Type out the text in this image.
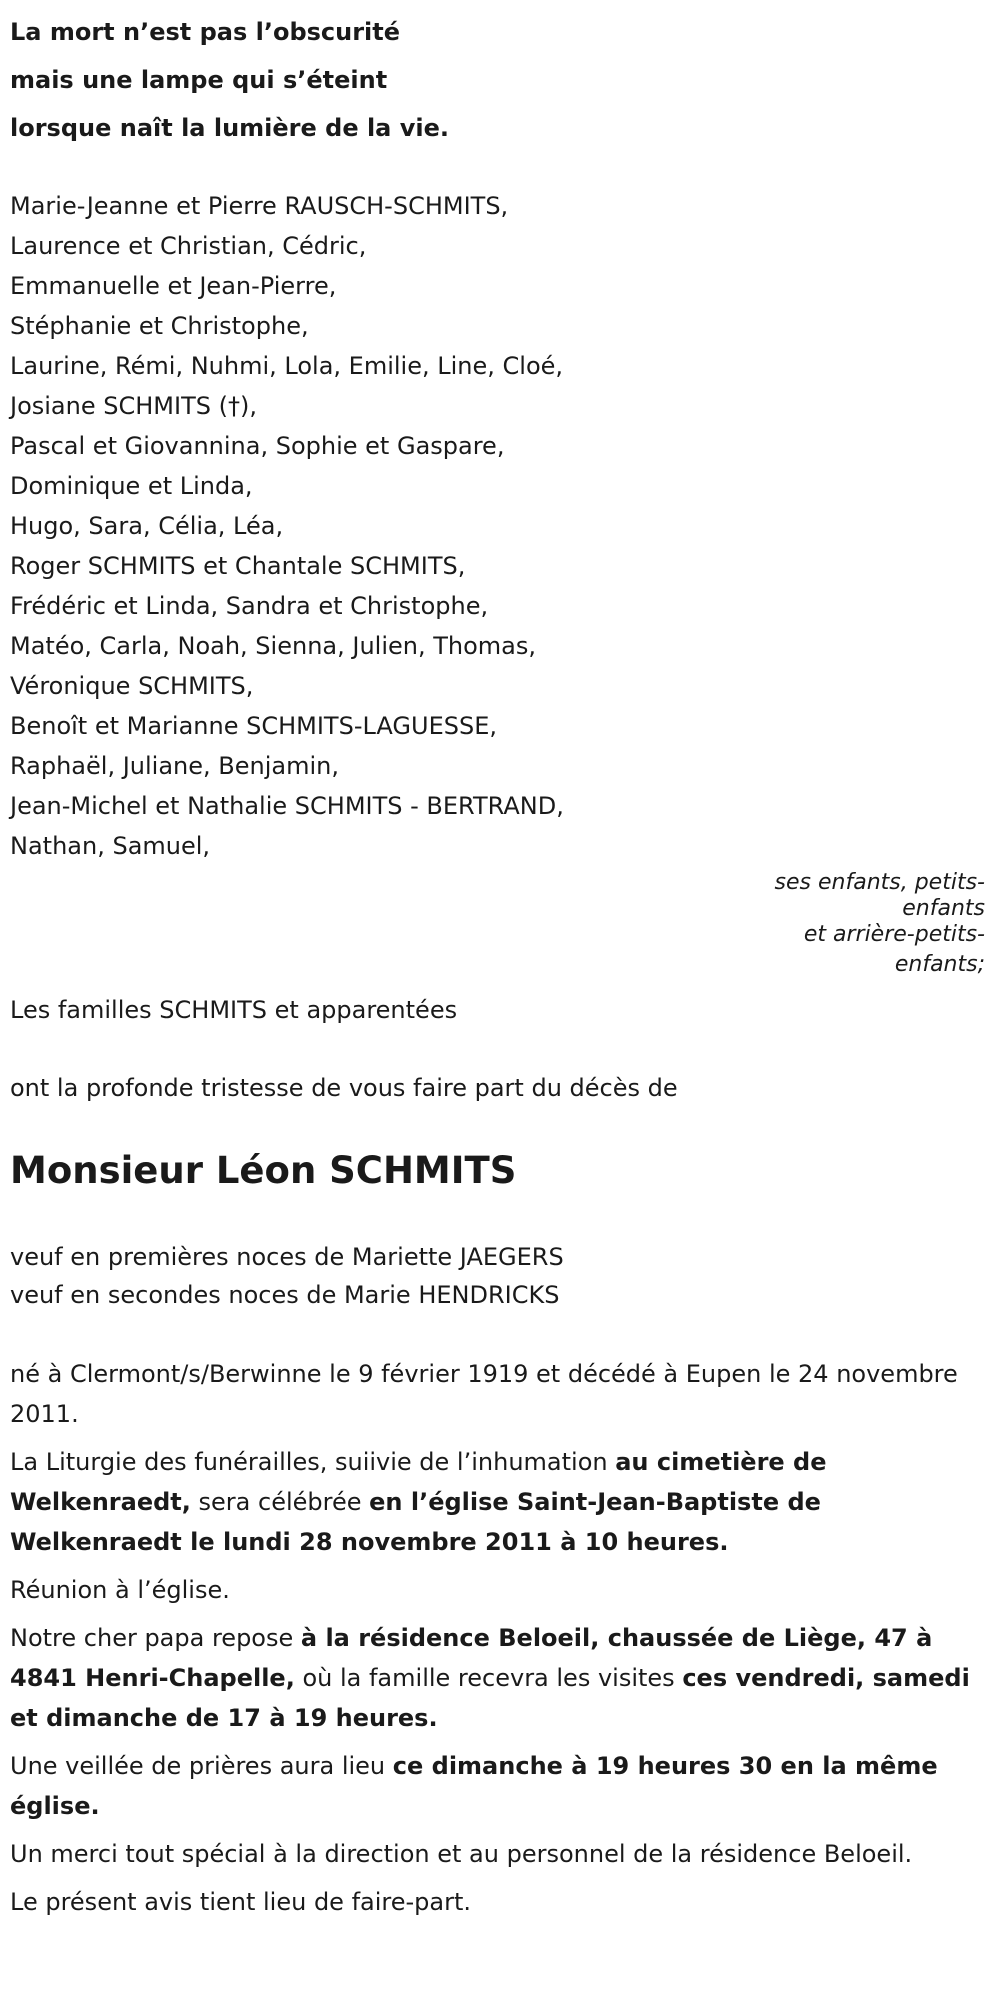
La mort n’est pas l’obscurité
mais une lampe qui s’éteint
lorsque naît la lumière de la vie.
Marie-Jeanne et Pierre RAUSCH-SCHMITS,
Laurence et Christian, Cédric,
Emmanuelle et Jean-Pierre,
Stéphanie et Christophe,
Laurine, Rémi, Nuhmi, Lola, Emilie, Line, Cloé,
Josiane SCHMITS (†),
Pascal et Giovannina, Sophie et Gaspare,
Dominique et Linda,
Hugo, Sara, Célia, Léa,
Roger SCHMITS et Chantale SCHMITS,
Frédéric et Linda, Sandra et Christophe,
Matéo, Carla, Noah, Sienna, Julien, Thomas,
Véronique SCHMITS,
Benoît et Marianne SCHMITS-LAGUESSE,
Raphaël, Juliane, Benjamin,
Jean-Michel et Nathalie SCHMITS - BERTRAND,
Nathan, Samuel,
ses enfants, petits-
enfants
et arrière-petits-
enfants;

Les familles SCHMITS et apparentées

ont la profonde tristesse de vous faire part du décès de

Monsieur Léon SCHMITS

veuf en premières noces de Mariette JAEGERS

veuf en secondes noces de Marie HENDRICKS

né à Clermont/s/Berwinne le 9 février 1919 et décédé à Eupen le 24 novembre 2011.

La Liturgie des funérailles, suiivie de l’inhumation au cimetière de Welkenraedt, sera célébrée en l’église Saint-Jean-Baptiste de Welkenraedt le lundi 28 novembre 2011 à 10 heures.

Réunion à l’église.

Notre cher papa repose à la résidence Beloeil, chaussée de Liège, 47 à 4841 Henri-Chapelle, où la famille recevra les visites ces vendredi, samedi et dimanche de 17 à 19 heures.

Une veillée de prières aura lieu ce dimanche à 19 heures 30 en la même église.

Un merci tout spécial à la direction et au personnel de la résidence Beloeil.

Le présent avis tient lieu de faire-part.
